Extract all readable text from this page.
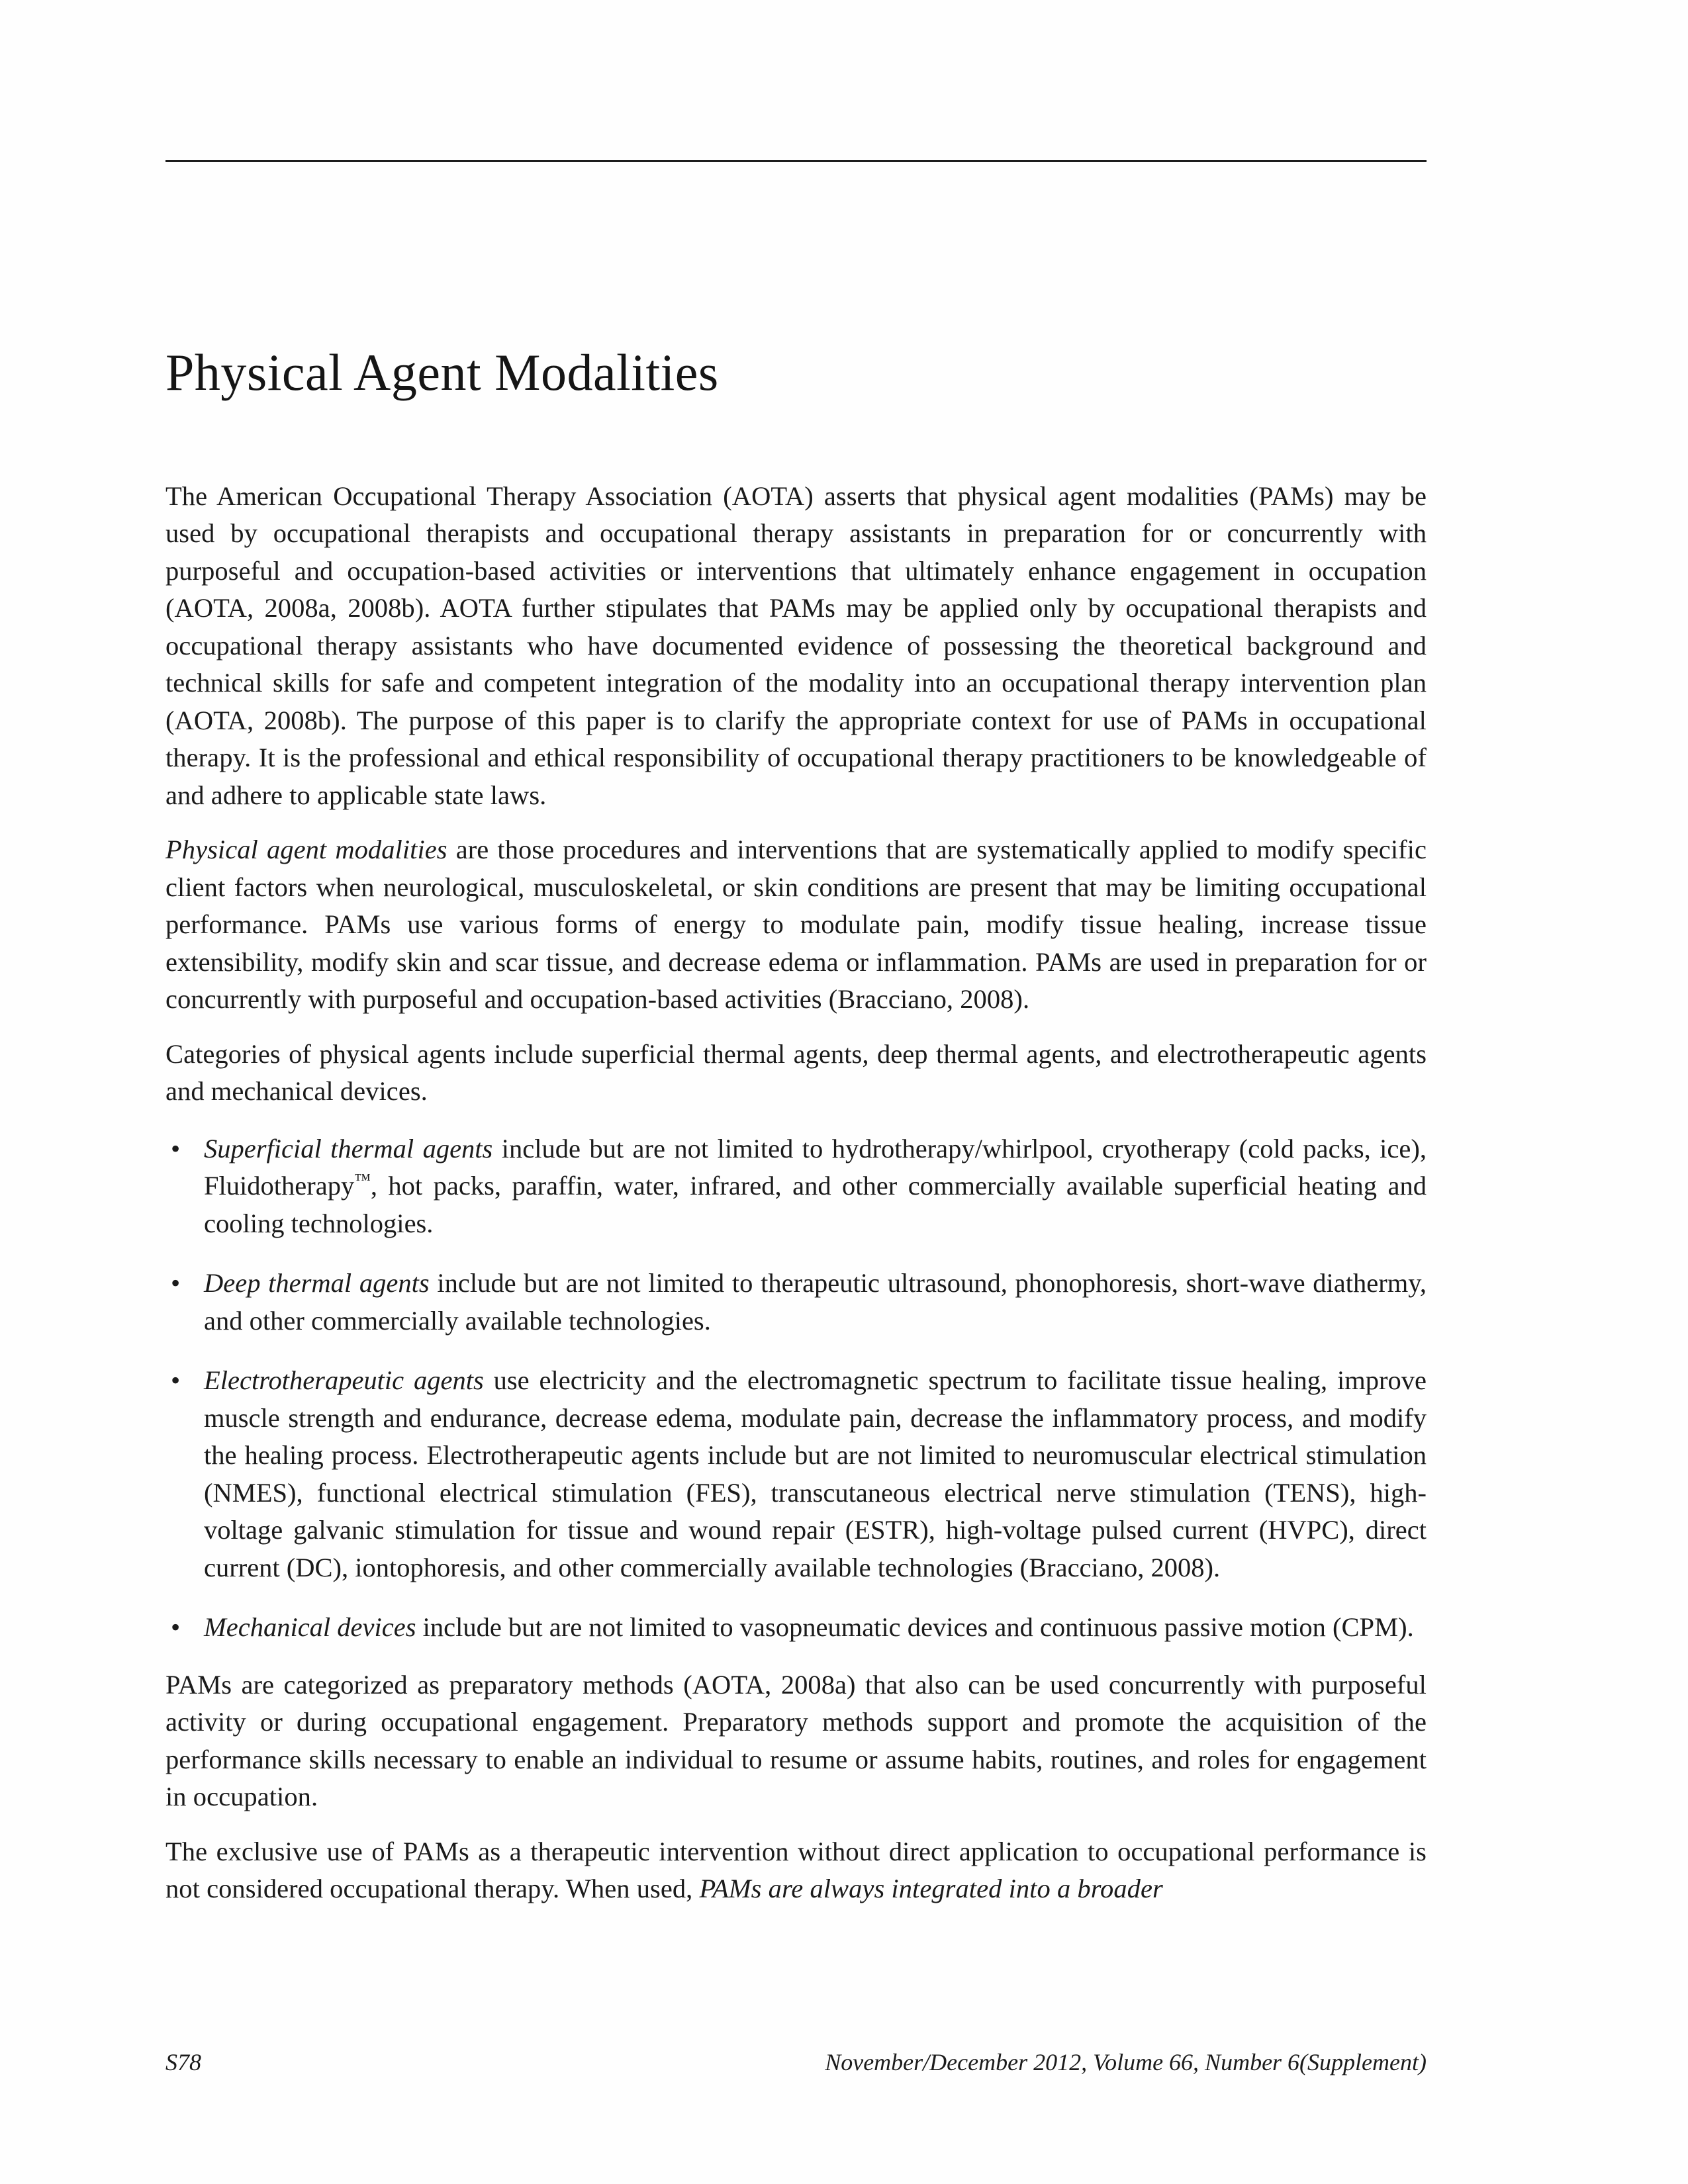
Physical Agent Modalities

The American Occupational Therapy Association (AOTA) asserts that physical agent modalities (PAMs) may be used by occupational therapists and occupational therapy assistants in preparation for or concurrently with purposeful and occupation-based activities or interventions that ultimately enhance engagement in occupation (AOTA, 2008a, 2008b). AOTA further stipulates that PAMs may be applied only by occupational therapists and occupational therapy assistants who have documented evidence of possessing the theoretical background and technical skills for safe and competent integration of the modality into an occupational therapy intervention plan (AOTA, 2008b). The purpose of this paper is to clarify the appropriate context for use of PAMs in occupational therapy. It is the professional and ethical responsibility of occupational therapy practitioners to be knowledgeable of and adhere to applicable state laws.

Physical agent modalities are those procedures and interventions that are systematically applied to modify specific client factors when neurological, musculoskeletal, or skin conditions are present that may be limiting occupational performance. PAMs use various forms of energy to modulate pain, modify tissue healing, increase tissue extensibility, modify skin and scar tissue, and decrease edema or inflammation. PAMs are used in preparation for or concurrently with purposeful and occupation-based activities (Bracciano, 2008).

Categories of physical agents include superficial thermal agents, deep thermal agents, and electrotherapeutic agents and mechanical devices.

• Superficial thermal agents include but are not limited to hydrotherapy/whirlpool, cryotherapy (cold packs, ice), Fluidotherapy™, hot packs, paraffin, water, infrared, and other commercially available superficial heating and cooling technologies.
• Deep thermal agents include but are not limited to therapeutic ultrasound, phonophoresis, short-wave diathermy, and other commercially available technologies.
• Electrotherapeutic agents use electricity and the electromagnetic spectrum to facilitate tissue healing, improve muscle strength and endurance, decrease edema, modulate pain, decrease the inflammatory process, and modify the healing process. Electrotherapeutic agents include but are not limited to neuromuscular electrical stimulation (NMES), functional electrical stimulation (FES), transcutaneous electrical nerve stimulation (TENS), high-voltage galvanic stimulation for tissue and wound repair (ESTR), high-voltage pulsed current (HVPC), direct current (DC), iontophoresis, and other commercially available technologies (Bracciano, 2008).
• Mechanical devices include but are not limited to vasopneumatic devices and continuous passive motion (CPM).

PAMs are categorized as preparatory methods (AOTA, 2008a) that also can be used concurrently with purposeful activity or during occupational engagement. Preparatory methods support and promote the acquisition of the performance skills necessary to enable an individual to resume or assume habits, routines, and roles for engagement in occupation.

The exclusive use of PAMs as a therapeutic intervention without direct application to occupational performance is not considered occupational therapy. When used, PAMs are always integrated into a broader

S78	November/December 2012, Volume 66, Number 6(Supplement)
